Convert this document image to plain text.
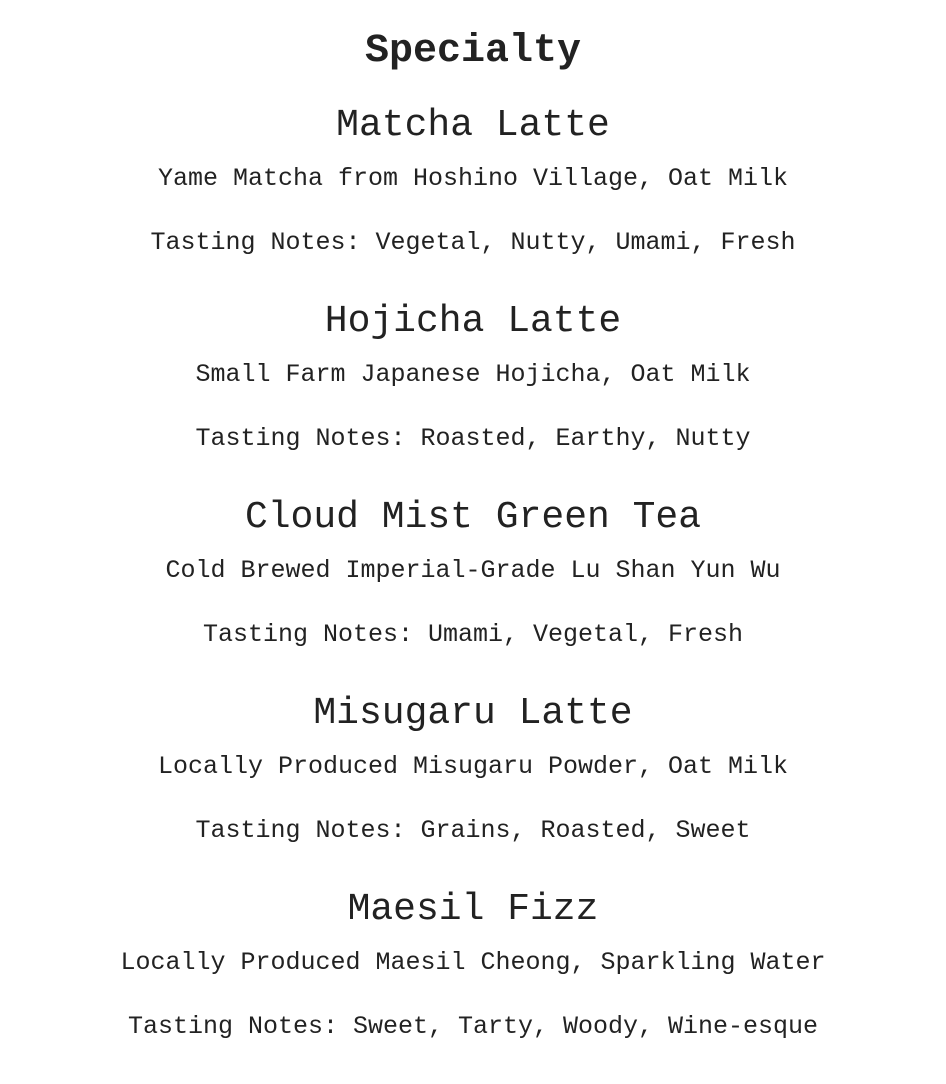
Specialty
Matcha Latte

Yame Matcha from Hoshino Village, Oat Milk

Tasting Notes: Vegetal, Nutty, Umami, Fresh

Hojicha Latte

Small Farm Japanese Hojicha, Oat Milk

Tasting Notes: Roasted, Earthy, Nutty

Cloud Mist Green Tea

Cold Brewed Imperial-Grade Lu Shan Yun Wu

Tasting Notes: Umami, Vegetal, Fresh

Misugaru Latte

Locally Produced Misugaru Powder, Oat Milk

Tasting Notes: Grains, Roasted, Sweet

Maesil Fizz

Locally Produced Maesil Cheong, Sparkling Water

Tasting Notes: Sweet, Tarty, Woody, Wine-esque
